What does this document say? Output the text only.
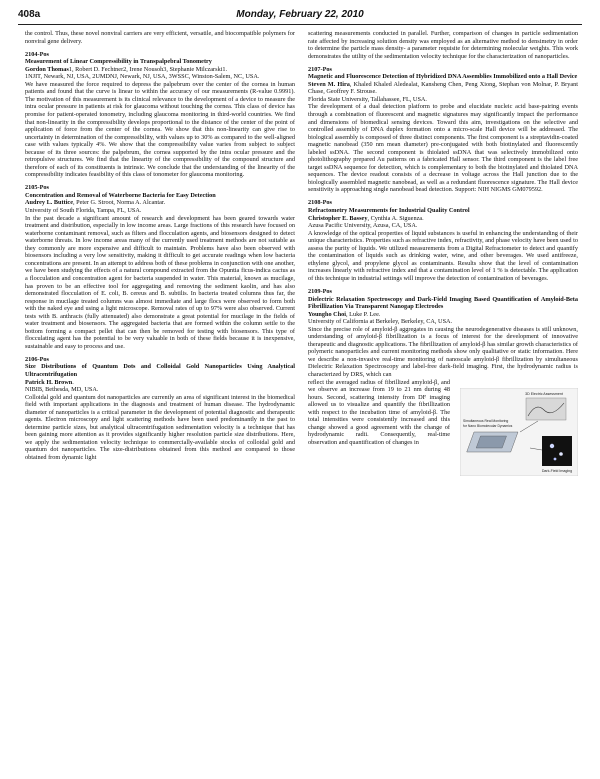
408a	Monday, February 22, 2010

the control. Thus, these novel nonviral carriers are very efficient, versatile, and biocompatible polymers for nonviral gene delivery.

2104-Pos
Measurement of Linear Compressibility in Transpalpebral Tonometry
Gordon Thomas1, Robert D. Fechtner2, Irene Nousoh3, Stephanie Milczarski1.
1NJIT, Newark, NJ, USA, 2UMDNJ, Newark, NJ, USA, 3WSSC, Winston-Salem, NC, USA.

We have measured the force required to depress the palpebrum over the center of the cornea in human patients and found that the curve is linear to within the accuracy of our measurements (R-value 0.9991). The motivation of this measurement is its clinical relevance to the development of a device to measure the intra ocular pressure in patients at risk for glaucoma without touching the cornea. This class of device has promise for patient-operated tonometry, including glaucoma monitoring in third-world countries. We find that non-linearity in the compressibility develops proportional to the distance of the center of the point of application of force from the center of the cornea. We show that this non-linearity can give rise to uncertainty in determination of the compressibility, with values up to 30% as compared to the well-aligned case with values typically 4%. We show that the compressibility value varies from subject to subject because of its three sources: the palpebrum, the cornea supported by the intra ocular pressure and the retropulsive structures. We find that the linearity of the compressibility of the compound structure and therefore of each of its constituents is intrinsic. We conclude that the understanding of the linearity of the compressibility indicates feasibility of this class of tonometer for glaucoma monitoring.

2105-Pos
Concentration and Removal of Waterborne Bacteria for Easy Detection
Audrey L. Buttice, Peter G. Stroot, Norma A. Alcantar.
University of South Florida, Tampa, FL, USA.

In the past decade a significant amount of research and development has been geared towards water treatment and distribution, especially in low income areas. Large fractions of this research have focused on waterborne contaminant removal, such as filters and flocculation agents, and biosensors designed to detect waterborne threats. In low income areas many of the currently used treatment methods are not suitable as they commonly are more expensive and difficult to maintain. Problems have also been observed with biosensors including a very low sensitivity, making it difficult to get accurate readings when low bacteria concentrations are present. In an attempt to address both of these problems in conjunction with one another, we have been studying the effects of a natural compound extracted from the Opuntia ficus-indica cactus as a flocculation and concentration agent for bacteria suspended in water. This material, known as mucilage, has proven to be an effective tool for aggregating and removing the sediment kaolin, and has also demonstrated flocculation of E. coli, B. cereus and B. subtilis. In bacteria treated columns thus far, the response in mucilage treated columns was almost immediate and large flocs were observed to form both with the naked eye and using a light microscope. Removal rates of up to 97% were also observed. Current tests with B. anthracis (fully attenuated) also demonstrate a great potential for mucilage in the fields of water treatment and biosensors. The aggregated bacteria that are formed within the column settle to the bottom forming a compact pellet that can then be removed for testing with biosensors. This type of flocculating agent has the potential to be very valuable in both of these fields because it is inexpensive, sustainable and easy to process and use.

2106-Pos
Size Distributions of Quantum Dots and Colloidal Gold Nanoparticles Using Analytical Ultracentrifugation
Patrick H. Brown.
NIBIB, Bethesda, MD, USA.

Colloidal gold and quantum dot nanoparticles are currently an area of significant interest in the biomedical field with important applications in the diagnosis and treatment of human disease. The hydrodynamic diameter of nanoparticles is a critical parameter in the development of potential diagnostic and therapeutic agents. Electron microscopy and light scattering methods have been used predominantly in the past to determine particle sizes, but analytical ultracentrifugation sedimentation velocity is a technique that has been gaining more attention as it provides significantly higher resolution particle size distributions. Here, we apply the sedimentation velocity technique to commercially-available stocks of colloidal gold and quantum dot nanoparticles. The size-distributions obtained from this method are compared to those obtained from dynamic light

scattering measurements conducted in parallel. Further, comparison of changes in particle sedimentation rate affected by increasing solution density was employed as an alternative method to densimetry in order to determine the particle mass density- a parameter requisite for determining molecular weights. This work demonstrates the utility of the sedimentation velocity technique for the characterization of nanoparticles.

2107-Pos
Magnetic and Fluorescence Detection of Hybridized DNA Assemblies Immobilized onto a Hall Device
Steven M. Hira, Khaled Khaled Aledealat, Kansheng Chen, Peng Xiong, Stephan von Molnar, P. Bryant Chase, Geoffrey F. Strouse.
Florida State University, Tallahassee, FL, USA.

The development of a dual detection platform to probe and elucidate nucleic acid base-pairing events through a combination of fluorescent and magnetic signatures may significantly impact the performance and dimensions of biomedical sensing devices. Toward this aim, investigations on the selective and controlled assembly of DNA duplex formation onto a micro-scale Hall device will be addressed. The biological assembly is composed of three distinct components. The first component is a streptavidin-coated magnetic nanobead (350 nm mean diameter) pre-conjugated with both biotinylated and fluorescently labeled ssDNA. The second component is thiolated ssDNA that was selectively immobilized onto photolithography prepared Au patterns on a fabricated Hall sensor. The third component is the label free target ssDNA sequence for detection, which is complementary to both the biotinylated and thiolated DNA sequences. The device readout consists of a decrease in voltage across the Hall junction due to the biologically assembled magnetic nanobead, as well as a redundant fluorescence signature. The Hall device sensitivity is approaching single nanobead bead detection. Support: NIH NIGMS GM079592.

2108-Pos
Refractometry Measurements for Industrial Quality Control
Christopher E. Bassey, Cynthia A. Siguenza.
Azusa Pacific University, Azusa, CA, USA.

A knowledge of the optical properties of liquid substances is useful in enhancing the understanding of their unique characteristics. Properties such as refractive index, refractivity, and phase velocity have been used to assess the purity of liquids. We utilized measurements from a Digital Refractometer to detect and quantify the contamination of liquids such as drinking water, wine, and other beverages. We used antifreeze, ethylene glycol, and propylene glycol as contaminants. Results show that the level of contamination increases linearly with refractive index and that a contamination level of 1 % is detectable. The application of this technique in industrial settings will improve the detection of contamination of beverages.

2109-Pos
Dielectric Relaxation Spectroscopy and Dark-Field Imaging Based Quantification of Amyloid-Beta Fibrillization Via Transparent Nanogap Electrodes
Youngho Choi, Luke P. Lee.
University of California at Berkeley, Berkeley, CA, USA.

Since the precise role of amyloid-β aggregates in causing the neurodegenerative diseases is still unknown, understanding of amyloid-β fibrillization is a focus of interest for the development of innovative therapeutic and diagnostic applications. The fibrillization of amyloid-β has similar growth characteristics of polymeric nanoparticles and current monitoring methods show only qualitative or static information. Here we describe a non-invasive real-time monitoring of nanoscale amyloid-β fibrillization by simultaneous Dielectric Relaxation Spectroscopy and label-free dark-field imaging. First, the hydrodynamic radius is characterized by DRS, which can

reflect the averaged radius of fibrillized amyloid-β, and we observe an increase from 19 to 21 nm during 48 hours. Second, scattering intensity from DF imaging allowed us to visualize and quantify the fibrillization with respect to the incubation time of amyloid-β. The total intensities were consistently increased and this change showed a good agreement with the change of hydrodynamic radii. Consequently, real-time observation and quantification of changes in

3D Electric Assessment
Simultaneous Real Monitoring
for Nano Biomolecular Dynamics
Dark-Field Imaging
